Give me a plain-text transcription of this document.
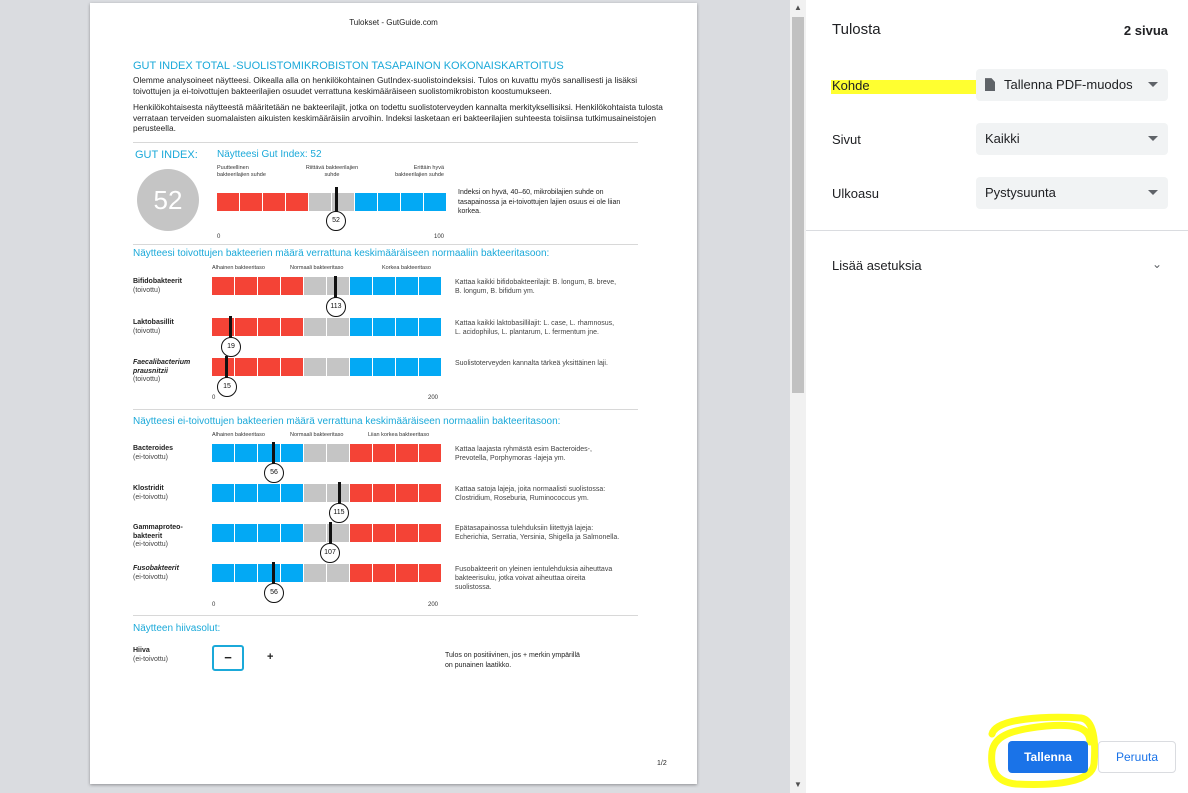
Tulokset - GutGuide.com
GUT INDEX TOTAL -SUOLISTOMIKROBISTON TASAPAINON KOKONAISKARTOITUS
Olemme analysoineet näytteesi. Oikealla alla on henkilökohtainen GutIndex-suolistoindeksisi. Tulos on kuvattu myös sanallisesti ja lisäksi toivottujen ja ei-toivottujen bakteerilajien osuudet verrattuna keskimääräiseen suolistomikrobiston koostumukseen.
Henkilökohtaisesta näytteestä määritetään ne bakteerilajit, jotka on todettu suolistoterveyden kannalta merkityksellisiksi. Henkilökohtaista tulosta verrataan terveiden suomalaisten aikuisten keskimääräisiin arvoihin. Indeksi lasketaan eri bakteerilajien suhteesta toisiinsa tutkimusaineistojen perusteella.
GUT INDEX:
52
Näytteesi Gut Index: 52
Puutteellinen bakteerilajien suhde
Riittävä bakteerilajien suhde
Erittäin hyvä bakteerilajien suhde
52
0	100
Indeksi on hyvä, 40–60, mikrobilajien suhde on tasapainossa ja ei-toivottujen lajien osuus ei ole liian korkea.
Näytteesi toivottujen bakteerien määrä verrattuna keskimääräiseen normaaliin bakteeritasoon:
Alhainen bakteeritaso	Normaali bakteeritaso	Korkea bakteeritaso
Bifidobakteerit
(toivottu)
113
Kattaa kaikki bifidobakteerilajit: B. longum, B. breve, B. longum, B. bifidum ym.
Laktobasillit
(toivottu)
19
Kattaa kaikki laktobasillilajit: L. case, L. rhamnosus, L. acidophilus, L. plantarum, L. fermentum jne.
Faecalibacterium prausnitzii
(toivottu)
15
Suolistoterveyden kannalta tärkeä yksittäinen laji.
0	200
Näytteesi ei-toivottujen bakteerien määrä verrattuna keskimääräiseen normaaliin bakteeritasoon:
Alhainen bakteeritaso	Normaali bakteeritaso	Liian korkea bakteeritaso
Bacteroides
(ei-toivottu)
56
Kattaa laajasta ryhmästä esim Bacteroides-, Prevotella, Porphymoras -lajeja ym.
Klostridit
(ei-toivottu)
115
Kattaa satoja lajeja, joita normaalisti suolistossa: Clostridium, Roseburia, Ruminococcus ym.
Gammaproteo-bakteerit
(ei-toivottu)
107
Epätasapainossa tulehduksiin liitettyjä lajeja: Echerichia, Serratia, Yersinia, Shigella ja Salmonella.
Fusobakteerit
(ei-toivottu)
56
Fusobakteerit on yleinen ientulehduksia aiheuttava bakteerisuku, jotka voivat aiheuttaa oireita suolistossa.
0	200
Näytteen hiivasolut:
Hiiva
(ei-toivottu)	−	+	Tulos on positiivinen, jos + merkin ympärillä on punainen laatikko.
1/2
▲
▼
Tulosta	2 sivua
Kohde	Tallenna PDF-muodos
Sivut	Kaikki
Ulkoasu	Pystysuunta
Lisää asetuksia	⌄
Tallenna	Peruuta
